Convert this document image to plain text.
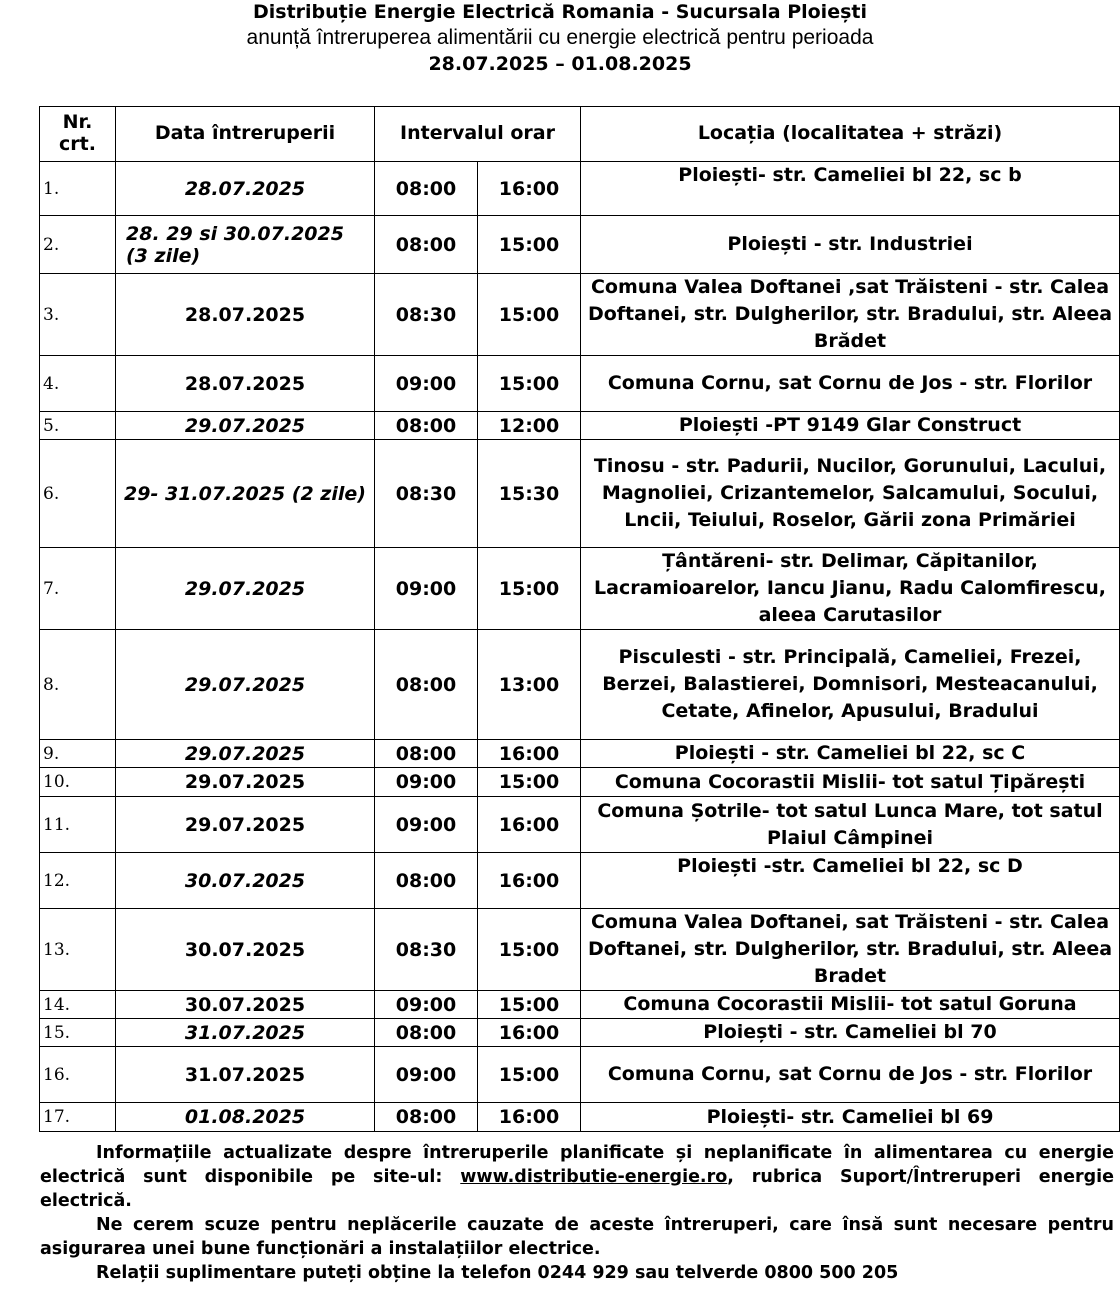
Distribuție Energie Electrică Romania - Sucursala Ploiești
anunță întreruperea alimentării cu energie electrică pentru perioada
28.07.2025 – 01.08.2025
Nr. crt.	Data întreruperii	Intervalul orar		Locația (localitatea + străzi)
1.	28.07.2025	08:00	16:00	Ploiești- str. Cameliei bl 22, sc b
2.	28. 29 si 30.07.2025 (3 zile)	08:00	15:00	Ploiești - str. Industriei
3.	28.07.2025	08:30	15:00	Comuna Valea Doftanei ,sat Trăisteni - str. Calea Doftanei, str. Dulgherilor, str. Bradului, str. Aleea Brădet
4.	28.07.2025	09:00	15:00	Comuna Cornu, sat Cornu de Jos - str. Florilor
5.	29.07.2025	08:00	12:00	Ploiești -PT 9149 Glar Construct
6.	29- 31.07.2025 (2 zile)	08:30	15:30	Tinosu - str. Padurii, Nucilor, Gorunului, Lacului, Magnoliei, Crizantemelor, Salcamului, Socului, Lncii, Teiului, Roselor, Gării zona Primăriei
7.	29.07.2025	09:00	15:00	Țântăreni- str. Delimar, Căpitanilor, Lacramioarelor, Iancu Jianu, Radu Calomfirescu, aleea Carutasilor
8.	29.07.2025	08:00	13:00	Pisculesti - str. Principală, Cameliei, Frezei, Berzei, Balastierei, Domnisori, Mesteacanului, Cetate, Afinelor, Apusului, Bradului
9.	29.07.2025	08:00	16:00	Ploiești - str. Cameliei bl 22, sc C
10.	29.07.2025	09:00	15:00	Comuna Cocorastii Mislii- tot satul Țipărești
11.	29.07.2025	09:00	16:00	Comuna Șotrile- tot satul Lunca Mare, tot satul Plaiul Câmpinei
12.	30.07.2025	08:00	16:00	Ploiești -str. Cameliei bl 22, sc D
13.	30.07.2025	08:30	15:00	Comuna Valea Doftanei, sat Trăisteni - str. Calea Doftanei, str. Dulgherilor, str. Bradului, str. Aleea Bradet
14.	30.07.2025	09:00	15:00	Comuna Cocorastii Mislii- tot satul Goruna
15.	31.07.2025	08:00	16:00	Ploiești - str. Cameliei bl 70
16.	31.07.2025	09:00	15:00	Comuna Cornu, sat Cornu de Jos - str. Florilor
17.	01.08.2025	08:00	16:00	Ploiești- str. Cameliei bl 69

Informațiile actualizate despre întreruperile planificate și neplanificate în alimentarea cu energie electrică sunt disponibile pe site-ul: www.distributie-energie.ro, rubrica Suport/Întreruperi energie electrică.

Ne cerem scuze pentru neplăcerile cauzate de aceste întreruperi, care însă sunt necesare pentru asigurarea unei bune funcționări a instalațiilor electrice.

Relații suplimentare puteți obține la telefon 0244 929 sau telverde 0800 500 205
